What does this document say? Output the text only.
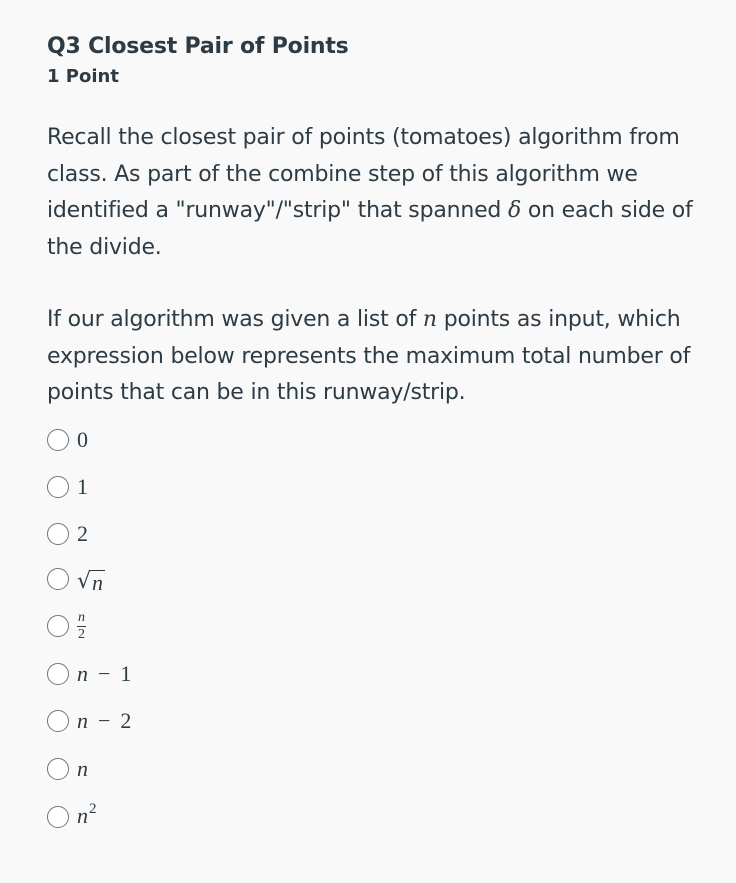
Q3 Closest Pair of Points
1 Point

Recall the closest pair of points (tomatoes) algorithm from class. As part of the combine step of this algorithm we identified a "runway"/"strip" that spanned δ on each side of the divide.

If our algorithm was given a list of n points as input, which expression below represents the maximum total number of points that can be in this runway/strip.

0
1
2
√ n
$\frac{n}{2}$
n − 1
n − 2
n
$n^2$
